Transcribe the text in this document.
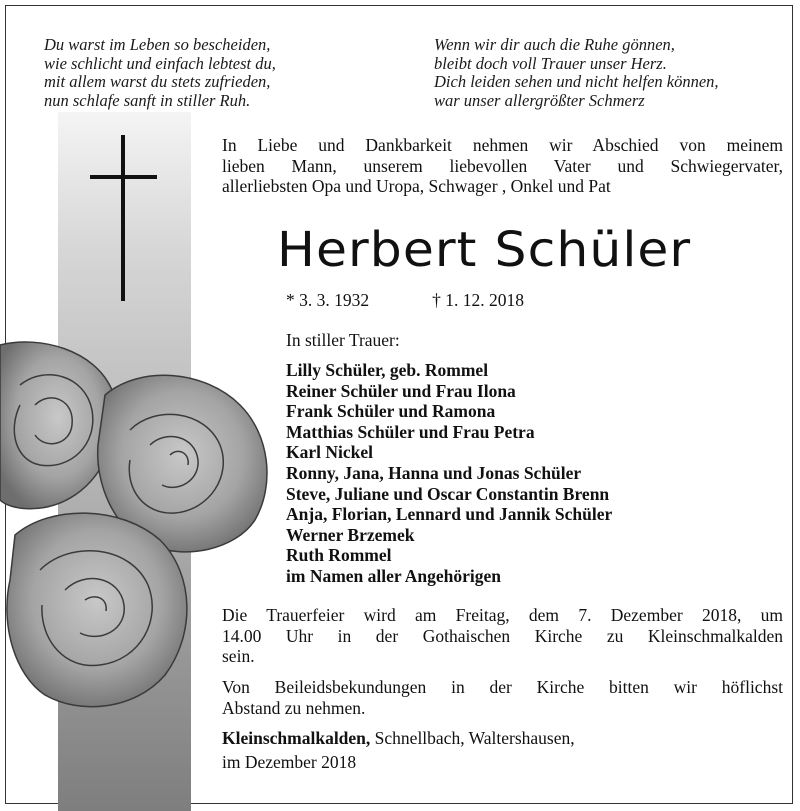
Du warst im Leben so bescheiden,
wie schlicht und einfach lebtest du,
mit allem warst du stets zufrieden,
nun schlafe sanft in stiller Ruh.
Wenn wir dir auch die Ruhe gönnen,
bleibt doch voll Trauer unser Herz.
Dich leiden sehen und nicht helfen können,
war unser allergrößter Schmerz
In Liebe und Dankbarkeit nehmen wir Abschied von meinem
lieben Mann, unserem liebevollen Vater und Schwiegervater,
allerliebsten Opa und Uropa, Schwager , Onkel und Pat
Herbert Schüler
* 3. 3. 1932	† 1. 12. 2018
In stiller Trauer:
Lilly Schüler, geb. Rommel
Reiner Schüler und Frau Ilona
Frank Schüler und Ramona
Matthias Schüler und Frau Petra
Karl Nickel
Ronny, Jana, Hanna und Jonas Schüler
Steve, Juliane und Oscar Constantin Brenn
Anja, Florian, Lennard und Jannik Schüler
Werner Brzemek
Ruth Rommel
im Namen aller Angehörigen
Die Trauerfeier wird am Freitag, dem 7. Dezember 2018, um
14.00 Uhr in der Gothaischen Kirche zu Kleinschmalkalden
sein.
Von Beileidsbekundungen in der Kirche bitten wir höflichst
Abstand zu nehmen.
Kleinschmalkalden, Schnellbach, Waltershausen,
im Dezember 2018
